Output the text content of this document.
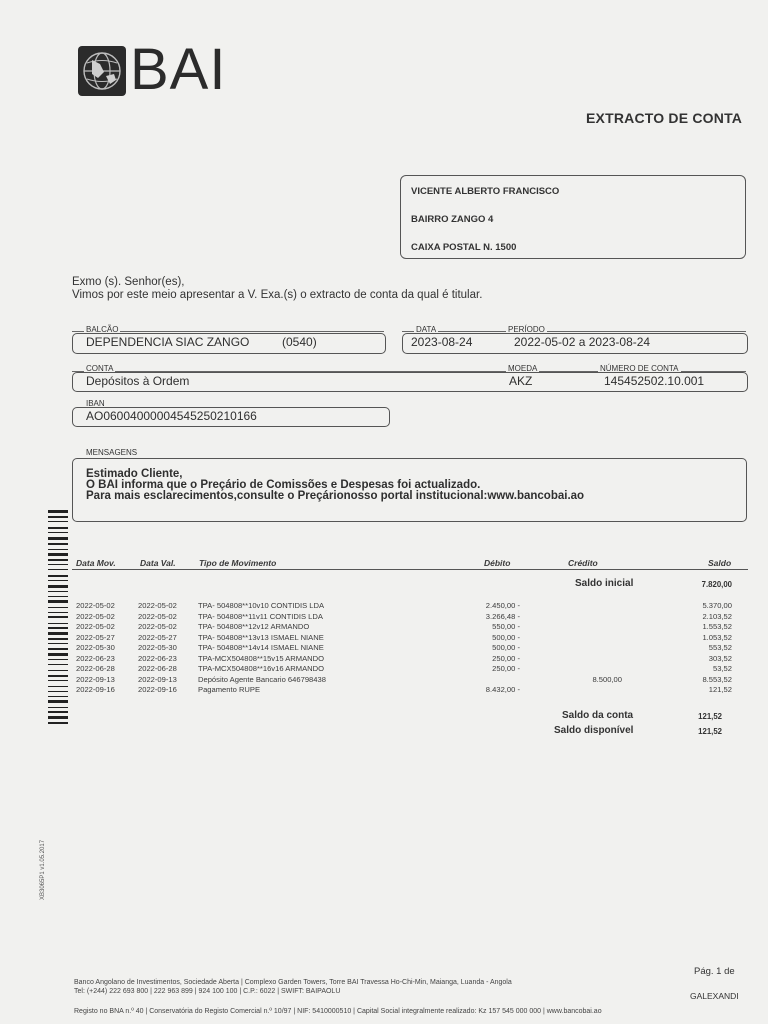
BAI
EXTRACTO DE CONTA
VICENTE ALBERTO FRANCISCO
BAIRRO ZANGO 4
CAIXA POSTAL N. 1500
Exmo (s). Senhor(es),
Vimos por este meio apresentar a V. Exa.(s) o extracto de conta da qual é titular.
BALCÃO
DEPENDENCIA SIAC ZANGO	(0540)
DATA	PERÍODO
2023-08-24	2022-05-02 a 2023-08-24
CONTA	MOEDA	NÚMERO DE CONTA
Depósitos à Ordem	AKZ	145452502.10.001
IBAN
AO06004000004545250210166
MENSAGENS
Estimado Cliente,
O BAI informa que o Preçário de Comissões e Despesas foi actualizado.
Para mais esclarecimentos,consulte o Preçárionosso portal institucional:www.bancobai.ao
Data Mov.	Data Val.	Tipo de Movimento	Débito	Crédito	Saldo
Saldo inicial	7.820,00
2022-05-02	2022-05-02	TPA- 504808**10v10 CONTIDIS LDA	2.450,00 -	5.370,00
2022-05-02	2022-05-02	TPA- 504808**11v11 CONTIDIS LDA	3.266,48 -	2.103,52
2022-05-02	2022-05-02	TPA- 504808**12v12 ARMANDO	550,00 -	1.553,52
2022-05-27	2022-05-27	TPA- 504808**13v13 ISMAEL NIANE	500,00 -	1.053,52
2022-05-30	2022-05-30	TPA- 504808**14v14 ISMAEL NIANE	500,00 -	553,52
2022-06-23	2022-06-23	TPA-MCX504808**15v15 ARMANDO	250,00 -	303,52
2022-06-28	2022-06-28	TPA-MCX504808**16v16 ARMANDO	250,00 -	53,52
2022-09-13	2022-09-13	Depósito Agente Bancario 646798438	8.500,00	8.553,52
2022-09-16	2022-09-16	Pagamento RUPE	8.432,00 -	121,52
Saldo da conta	121,52
Saldo disponível	121,52
XB3065P1 v1.05.2017
Pág. 1 de
GALEXANDI
Banco Angolano de Investimentos, Sociedade Aberta | Complexo Garden Towers, Torre BAI Travessa Ho-Chi-Min, Maianga, Luanda - Angola
Tel: (+244) 222 693 800 | 222 963 899 | 924 100 100 | C.P.: 6022 | SWIFT: BAIPAOLU
Registo no BNA n.º 40 | Conservatória do Registo Comercial n.º 10/97 | NIF: 5410000510 | Capital Social integralmente realizado: Kz 157 545 000 000 | www.bancobai.ao
